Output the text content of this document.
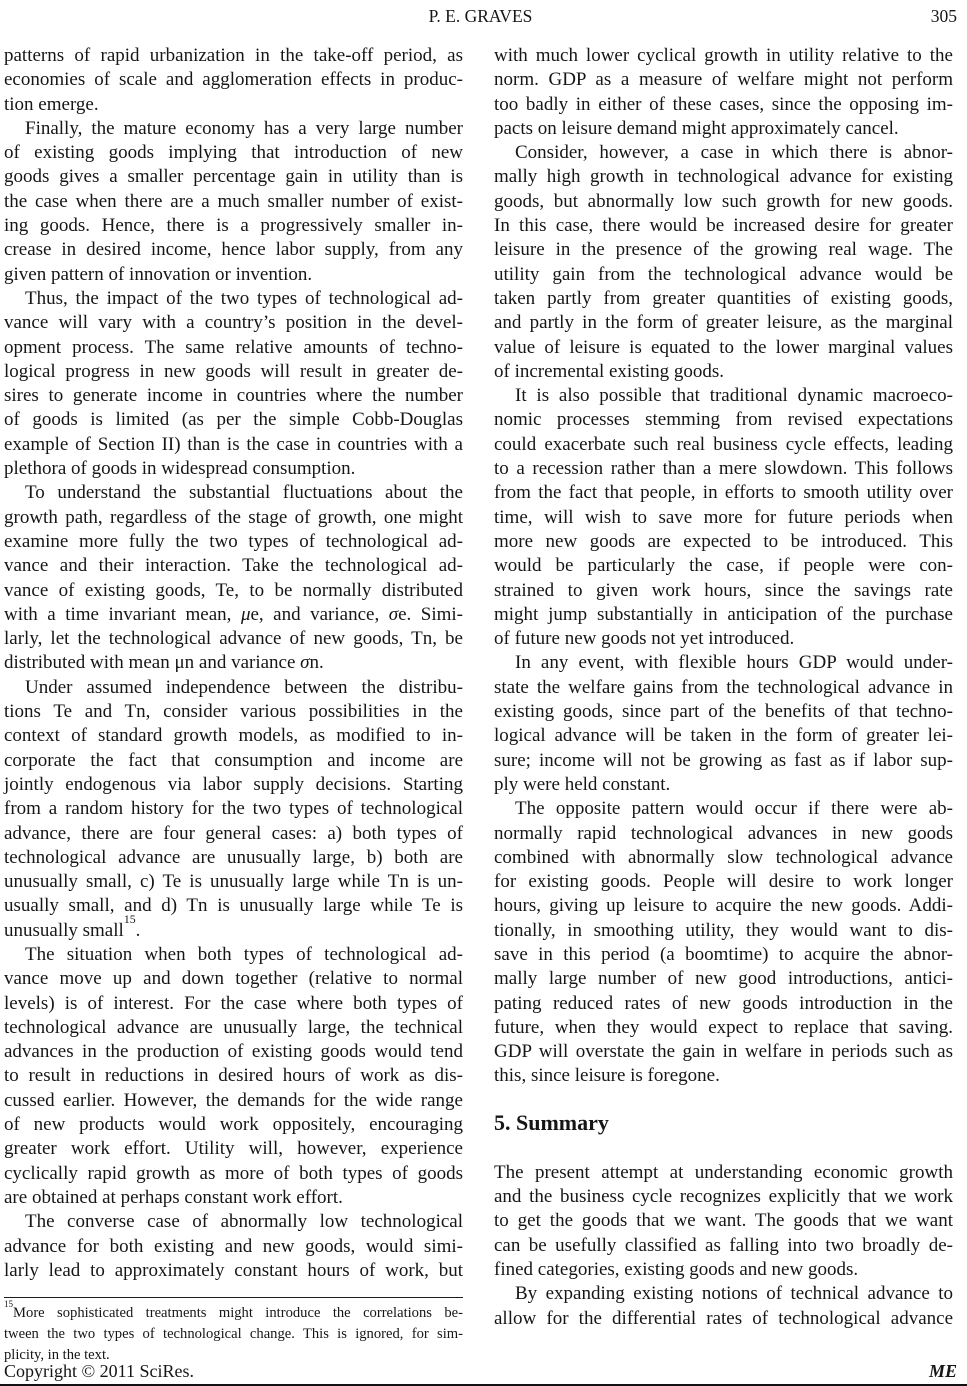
P. E. GRAVES	305
patterns of rapid urbanization in the take-off period, as
economies of scale and agglomeration effects in produc-
tion emerge.
Finally, the mature economy has a very large number
of existing goods implying that introduction of new
goods gives a smaller percentage gain in utility than is
the case when there are a much smaller number of exist-
ing goods. Hence, there is a progressively smaller in-
crease in desired income, hence labor supply, from any
given pattern of innovation or invention.
Thus, the impact of the two types of technological ad-
vance will vary with a country’s position in the devel-
opment process. The same relative amounts of techno-
logical progress in new goods will result in greater de-
sires to generate income in countries where the number
of goods is limited (as per the simple Cobb-Douglas
example of Section II) than is the case in countries with a
plethora of goods in widespread consumption.
To understand the substantial fluctuations about the
growth path, regardless of the stage of growth, one might
examine more fully the two types of technological ad-
vance and their interaction. Take the technological ad-
vance of existing goods, Te, to be normally distributed
with a time invariant mean, μe, and variance, σe. Simi-
larly, let the technological advance of new goods, Tn, be
distributed with mean μn and variance σn.
Under assumed independence between the distribu-
tions Te and Tn, consider various possibilities in the
context of standard growth models, as modified to in-
corporate the fact that consumption and income are
jointly endogenous via labor supply decisions. Starting
from a random history for the two types of technological
advance, there are four general cases: a) both types of
technological advance are unusually large, b) both are
unusually small, c) Te is unusually large while Tn is un-
usually small, and d) Tn is unusually large while Te is
unusually small$^{15}$.
The situation when both types of technological ad-
vance move up and down together (relative to normal
levels) is of interest. For the case where both types of
technological advance are unusually large, the technical
advances in the production of existing goods would tend
to result in reductions in desired hours of work as dis-
cussed earlier. However, the demands for the wide range
of new products would work oppositely, encouraging
greater work effort. Utility will, however, experience
cyclically rapid growth as more of both types of goods
are obtained at perhaps constant work effort.
The converse case of abnormally low technological
advance for both existing and new goods, would simi-
larly lead to approximately constant hours of work, but
$^{15}$More sophisticated treatments might introduce the correlations be-
tween the two types of technological change. This is ignored, for sim-
plicity, in the text.
with much lower cyclical growth in utility relative to the
norm. GDP as a measure of welfare might not perform
too badly in either of these cases, since the opposing im-
pacts on leisure demand might approximately cancel.
Consider, however, a case in which there is abnor-
mally high growth in technological advance for existing
goods, but abnormally low such growth for new goods.
In this case, there would be increased desire for greater
leisure in the presence of the growing real wage. The
utility gain from the technological advance would be
taken partly from greater quantities of existing goods,
and partly in the form of greater leisure, as the marginal
value of leisure is equated to the lower marginal values
of incremental existing goods.
It is also possible that traditional dynamic macroeco-
nomic processes stemming from revised expectations
could exacerbate such real business cycle effects, leading
to a recession rather than a mere slowdown. This follows
from the fact that people, in efforts to smooth utility over
time, will wish to save more for future periods when
more new goods are expected to be introduced. This
would be particularly the case, if people were con-
strained to given work hours, since the savings rate
might jump substantially in anticipation of the purchase
of future new goods not yet introduced.
In any event, with flexible hours GDP would under-
state the welfare gains from the technological advance in
existing goods, since part of the benefits of that techno-
logical advance will be taken in the form of greater lei-
sure; income will not be growing as fast as if labor sup-
ply were held constant.
The opposite pattern would occur if there were ab-
normally rapid technological advances in new goods
combined with abnormally slow technological advance
for existing goods. People will desire to work longer
hours, giving up leisure to acquire the new goods. Addi-
tionally, in smoothing utility, they would want to dis-
save in this period (a boomtime) to acquire the abnor-
mally large number of new good introductions, antici-
pating reduced rates of new goods introduction in the
future, when they would expect to replace that saving.
GDP will overstate the gain in welfare in periods such as
this, since leisure is foregone.
5. Summary
The present attempt at understanding economic growth
and the business cycle recognizes explicitly that we work
to get the goods that we want. The goods that we want
can be usefully classified as falling into two broadly de-
fined categories, existing goods and new goods.
By expanding existing notions of technical advance to
allow for the differential rates of technological advance
Copyright © 2011 SciRes.	ME
